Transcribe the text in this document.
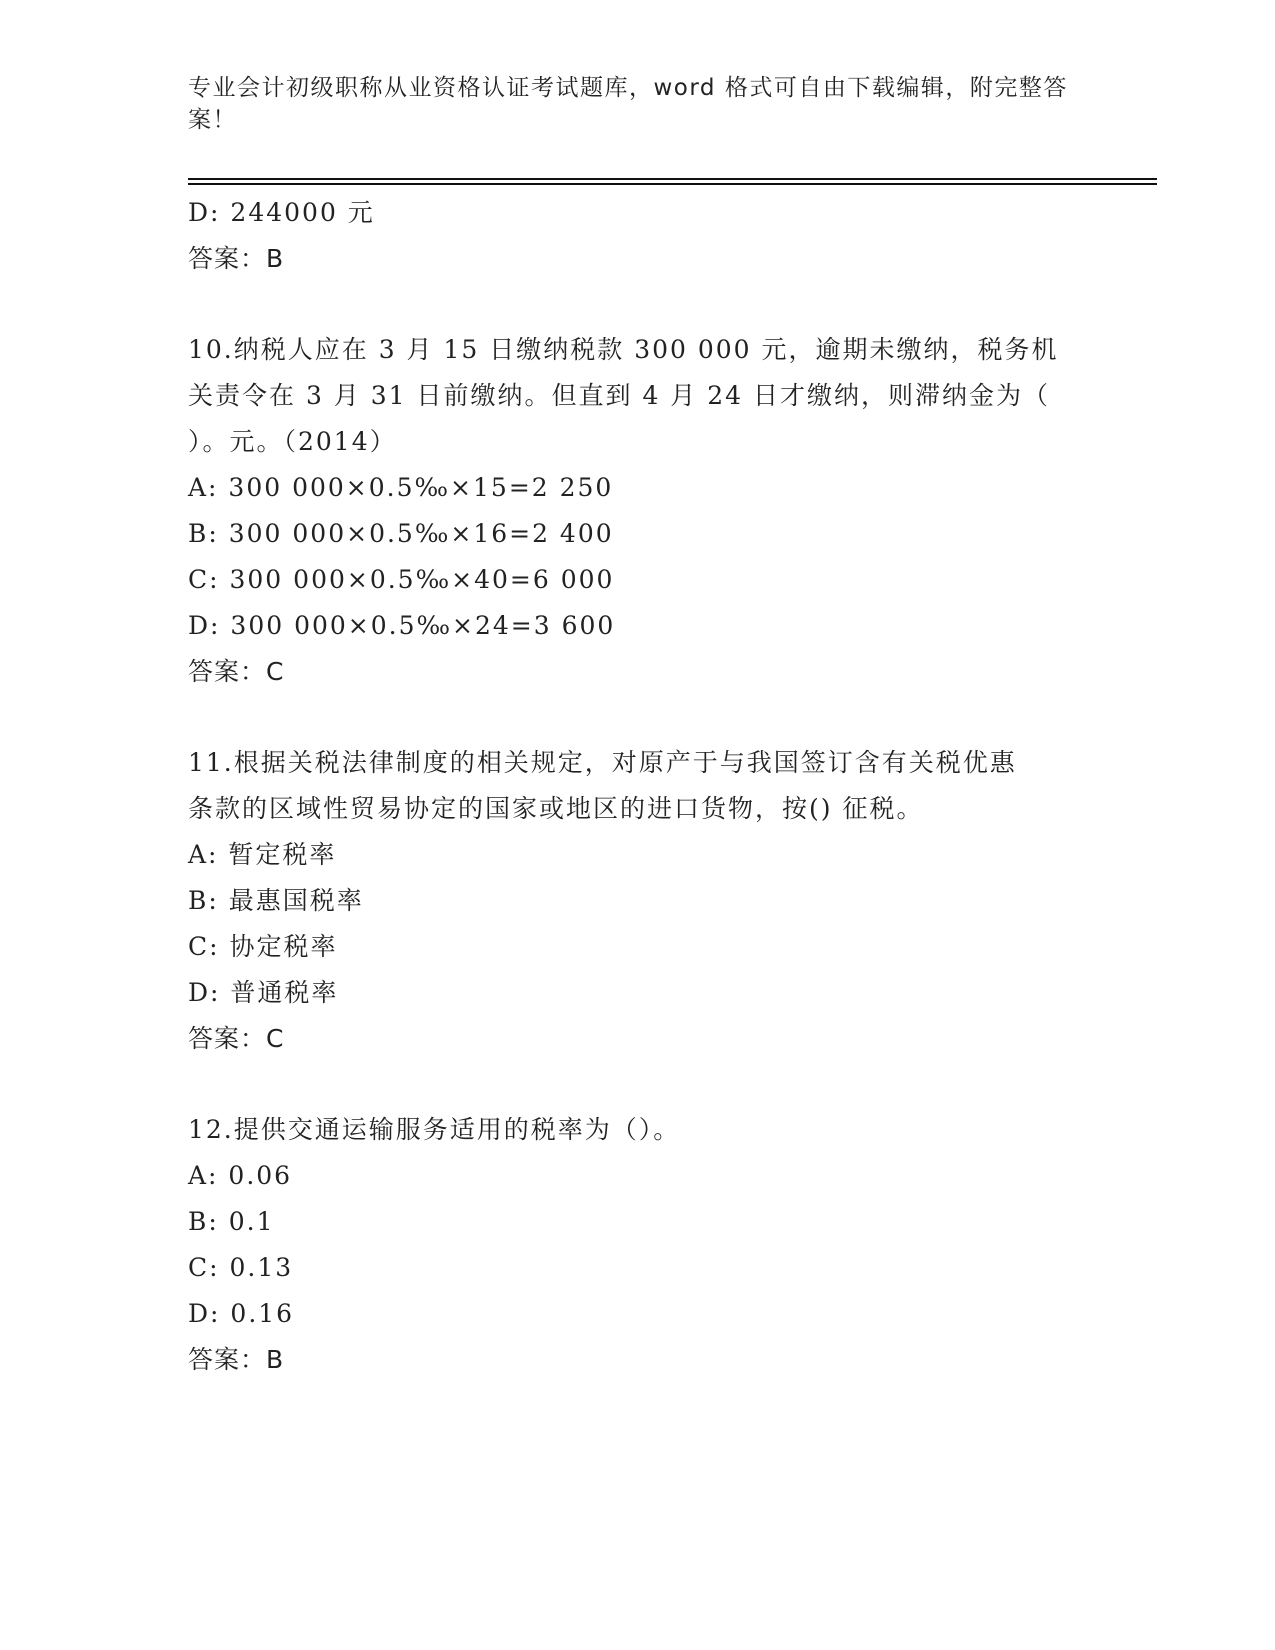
专业会计初级职称从业资格认证考试题库，word 格式可自由下载编辑，附完整答
案！
D: 244000 元
答案：B
10.纳税人应在 3 月 15 日缴纳税款 300 000 元，逾期未缴纳，税务机
关责令在 3 月 31 日前缴纳。但直到 4 月 24 日才缴纳，则滞纳金为（
）。元。（2014）
A: 300 000×0.5‰×15=2 250
B: 300 000×0.5‰×16=2 400
C: 300 000×0.5‰×40=6 000
D: 300 000×0.5‰×24=3 600
答案：C
11.根据关税法律制度的相关规定，对原产于与我国签订含有关税优惠
条款的区域性贸易协定的国家或地区的进口货物，按() 征税。
A: 暂定税率
B: 最惠国税率
C: 协定税率
D: 普通税率
答案：C
12.提供交通运输服务适用的税率为（）。
A: 0.06
B: 0.1
C: 0.13
D: 0.16
答案：B
